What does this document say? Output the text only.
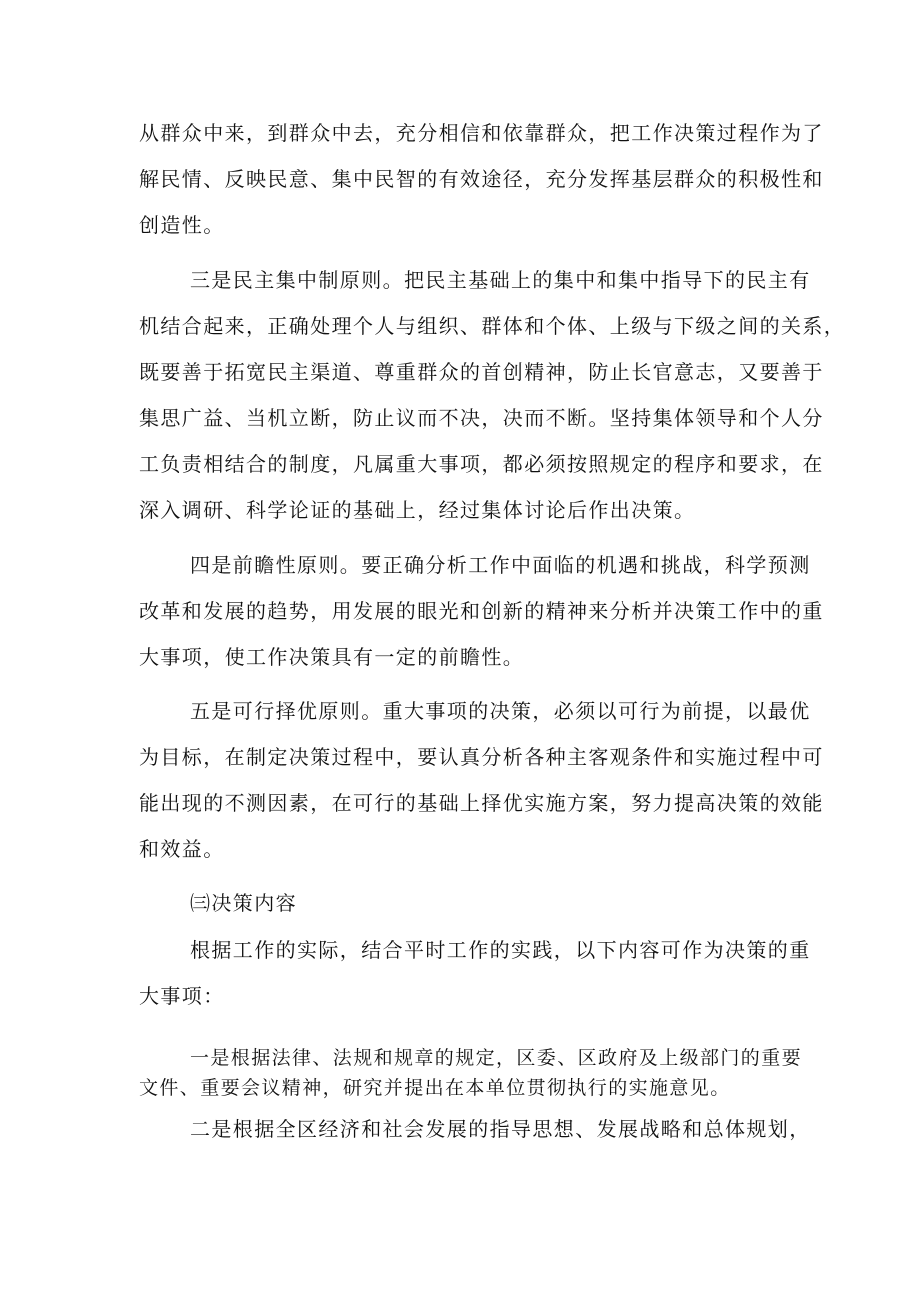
从群众中来，到群众中去，充分相信和依靠群众，把工作决策过程作为了
解民情、反映民意、集中民智的有效途径，充分发挥基层群众的积极性和
创造性。
三是民主集中制原则。把民主基础上的集中和集中指导下的民主有
机结合起来，正确处理个人与组织、群体和个体、上级与下级之间的关系，
既要善于拓宽民主渠道、尊重群众的首创精神，防止长官意志，又要善于
集思广益、当机立断，防止议而不决，决而不断。坚持集体领导和个人分
工负责相结合的制度，凡属重大事项，都必须按照规定的程序和要求，在
深入调研、科学论证的基础上，经过集体讨论后作出决策。
四是前瞻性原则。要正确分析工作中面临的机遇和挑战，科学预测
改革和发展的趋势，用发展的眼光和创新的精神来分析并决策工作中的重
大事项，使工作决策具有一定的前瞻性。
五是可行择优原则。重大事项的决策，必须以可行为前提，以最优
为目标，在制定决策过程中，要认真分析各种主客观条件和实施过程中可
能出现的不测因素，在可行的基础上择优实施方案，努力提高决策的效能
和效益。
㈢决策内容
根据工作的实际，结合平时工作的实践，以下内容可作为决策的重
大事项：
一是根据法律、法规和规章的规定，区委、区政府及上级部门的重要
文件、重要会议精神，研究并提出在本单位贯彻执行的实施意见。
二是根据全区经济和社会发展的指导思想、发展战略和总体规划，
